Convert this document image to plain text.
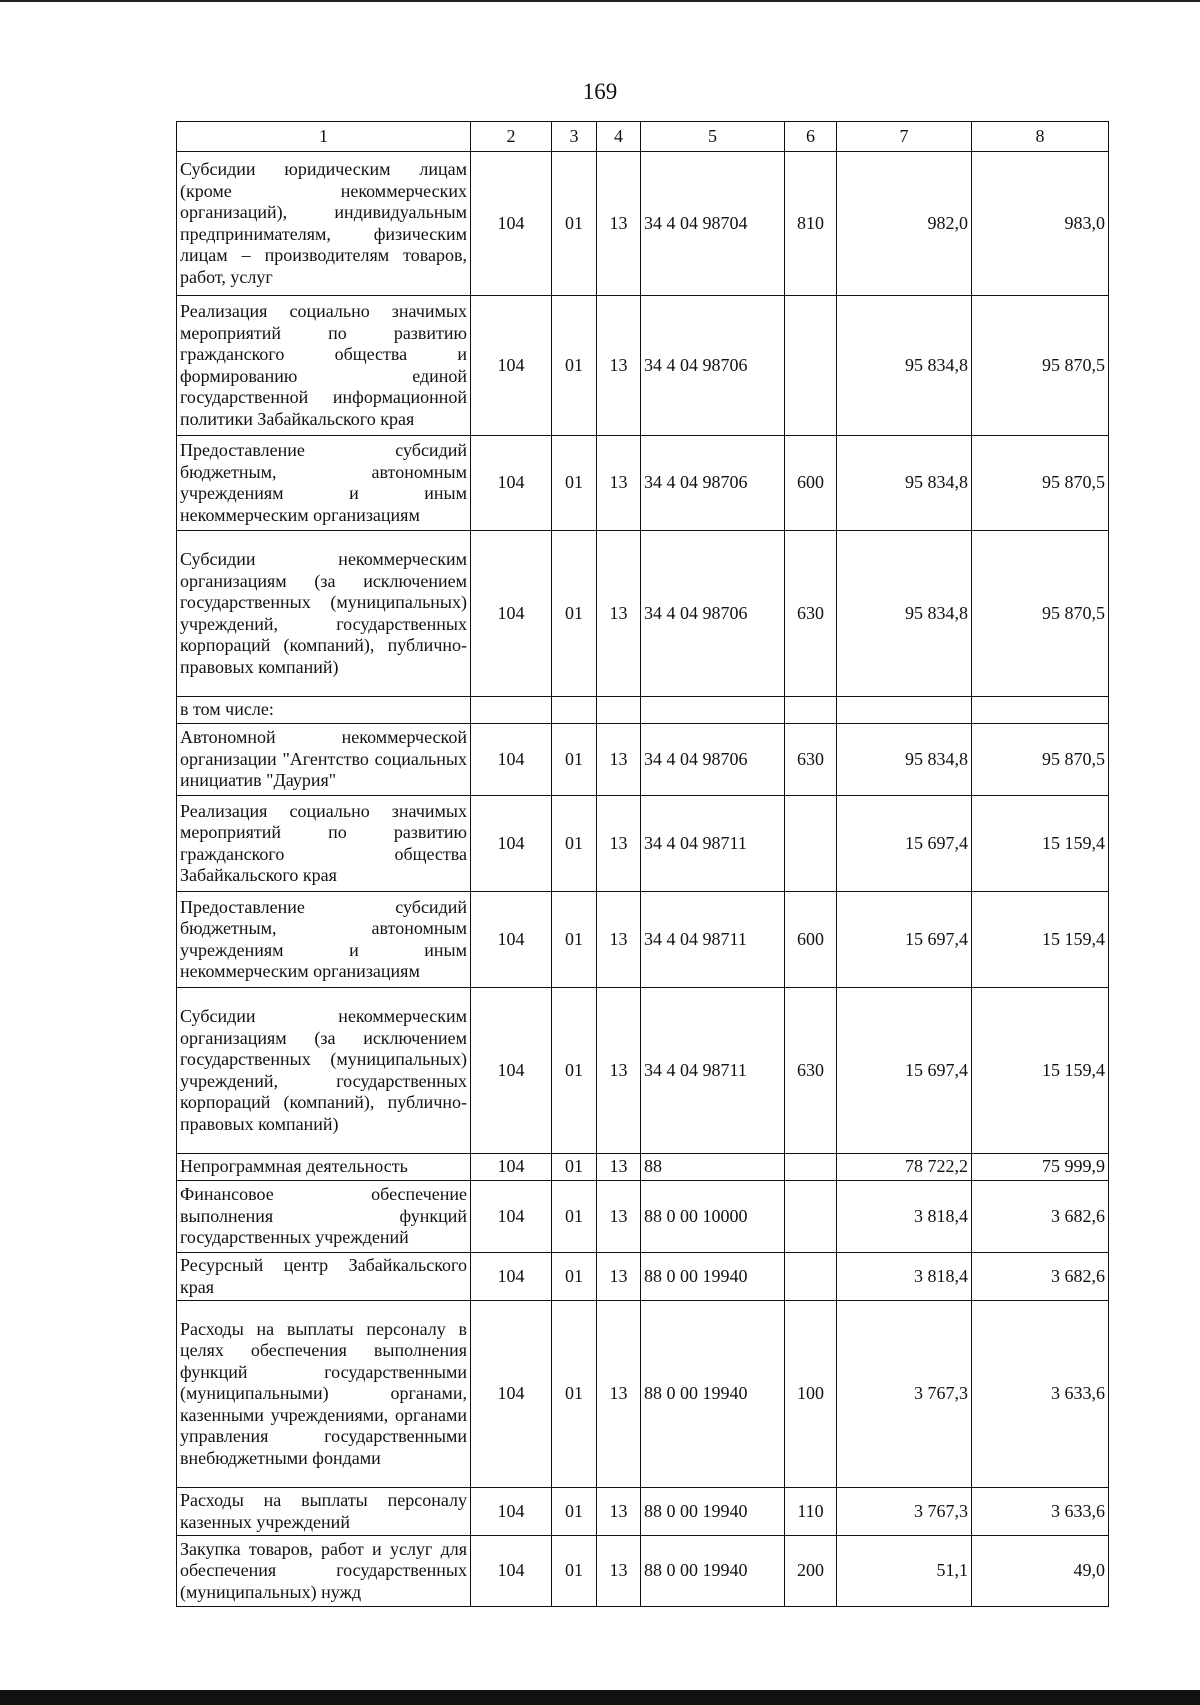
169
1	2	3	4	5	6	7	8
Субсидии юридическим лицам (кроме некоммерческих организаций), индивидуальным предпринимателям, физическим лицам – производителям товаров, работ, услуг	104	01	13	34 4 04 98704	810	982,0	983,0
Реализация социально значимых мероприятий по развитию гражданского общества и формированию единой государственной информационной политики Забайкальского края	104	01	13	34 4 04 98706		95 834,8	95 870,5
Предоставление субсидий бюджетным, автономным учреждениям и иным некоммерческим организациям	104	01	13	34 4 04 98706	600	95 834,8	95 870,5
Субсидии некоммерческим организациям (за исключением государственных (муниципальных) учреждений, государственных корпораций (компаний), публично-правовых компаний)	104	01	13	34 4 04 98706	630	95 834,8	95 870,5
в том числе:							
Автономной некоммерческой организации "Агентство социальных инициатив "Даурия"	104	01	13	34 4 04 98706	630	95 834,8	95 870,5
Реализация социально значимых мероприятий по развитию гражданского общества Забайкальского края	104	01	13	34 4 04 98711		15 697,4	15 159,4
Предоставление субсидий бюджетным, автономным учреждениям и иным некоммерческим организациям	104	01	13	34 4 04 98711	600	15 697,4	15 159,4
Субсидии некоммерческим организациям (за исключением государственных (муниципальных) учреждений, государственных корпораций (компаний), публично-правовых компаний)	104	01	13	34 4 04 98711	630	15 697,4	15 159,4
Непрограммная деятельность	104	01	13	88		78 722,2	75 999,9
Финансовое обеспечение выполнения функций государственных учреждений	104	01	13	88 0 00 10000		3 818,4	3 682,6
Ресурсный центр Забайкальского края	104	01	13	88 0 00 19940		3 818,4	3 682,6
Расходы на выплаты персоналу в целях обеспечения выполнения функций государственными (муниципальными) органами, казенными учреждениями, органами управления государственными внебюджетными фондами	104	01	13	88 0 00 19940	100	3 767,3	3 633,6
Расходы на выплаты персоналу казенных учреждений	104	01	13	88 0 00 19940	110	3 767,3	3 633,6
Закупка товаров, работ и услуг для обеспечения государственных (муниципальных) нужд	104	01	13	88 0 00 19940	200	51,1	49,0
